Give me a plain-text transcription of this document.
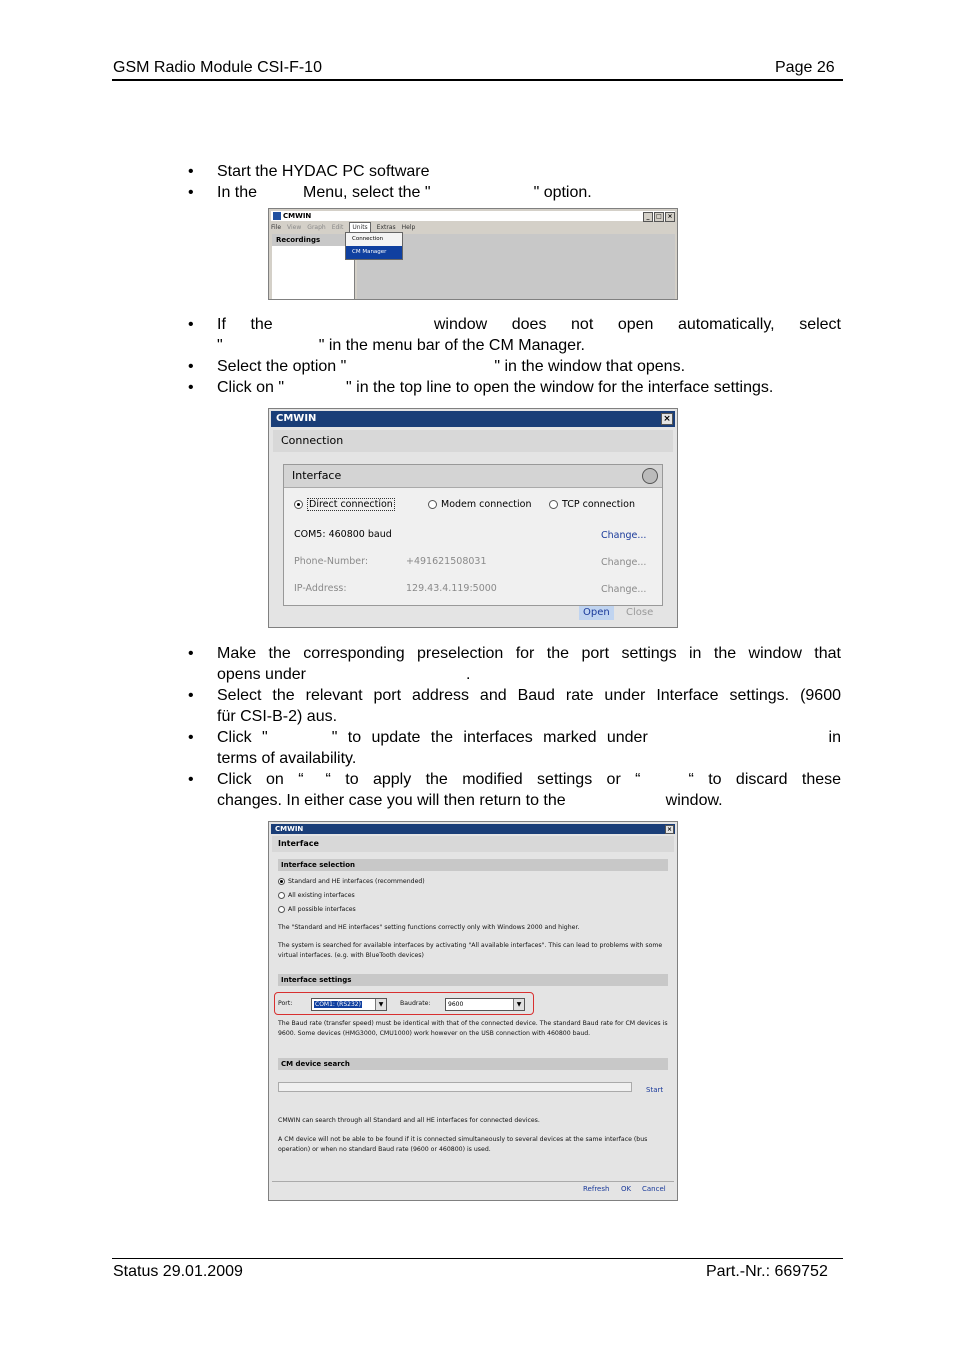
GSM Radio Module CSI-F-10	Page 26
• Start the HYDAC PC software
• In the	Menu, select the "	" option.
CMWIN	_	□ ×
File View Graph Edit Units Extras Help
Recordings	Connection
CM Manager
• If the	window does not open automatically, select
"	" in the menu bar of the CM Manager.
• Select the option "	" in the window that opens.
• Click on "	" in the top line to open the window for the interface settings.
CMWIN	×
Connection
Interface
Direct connection	Modem connection	TCP connection
COM5: 460800 baud	Change...
Phone-Number:	+491621508031	Change...
IP-Address:	129.43.4.119:5000	Change...
Open	Close
• Make the corresponding preselection for the port settings in the window that
opens under	.
• Select the relevant port address and Baud rate under Interface settings. (9600
für CSI-B-2) aus.
• Click "	" to update the interfaces marked under	in
terms of availability.
• Click on “ “ to apply the modified settings or “	“ to discard these
changes. In either case you will then return to the	window.
CMWIN	×
Interface
Interface selection
Standard and HE interfaces (recommended)
All existing interfaces
All possible interfaces
The "Standard and HE interfaces" setting functions correctly only with Windows 2000 and higher.
The system is searched for available interfaces by activating "All available interfaces". This can lead to problems with some virtual interfaces. (e.g. with BlueTooth devices)
Interface settings
Port:	COM1: (RS232)	▼	Baudrate:	9600	▼
The Baud rate (transfer speed) must be identical with that of the connected device. The standard Baud rate for CM devices is 9600. Some devices (HMG3000, CMU1000) work however on the USB connection with 460800 baud.
CM device search
Start
CMWIN can search through all Standard and all HE interfaces for connected devices.
A CM device will not be able to be found if it is connected simultaneously to several devices at the same interface (bus operation) or when no standard Baud rate (9600 or 460800) is used.
Refresh OK Cancel
Status 29.01.2009	Part.-Nr.: 669752
